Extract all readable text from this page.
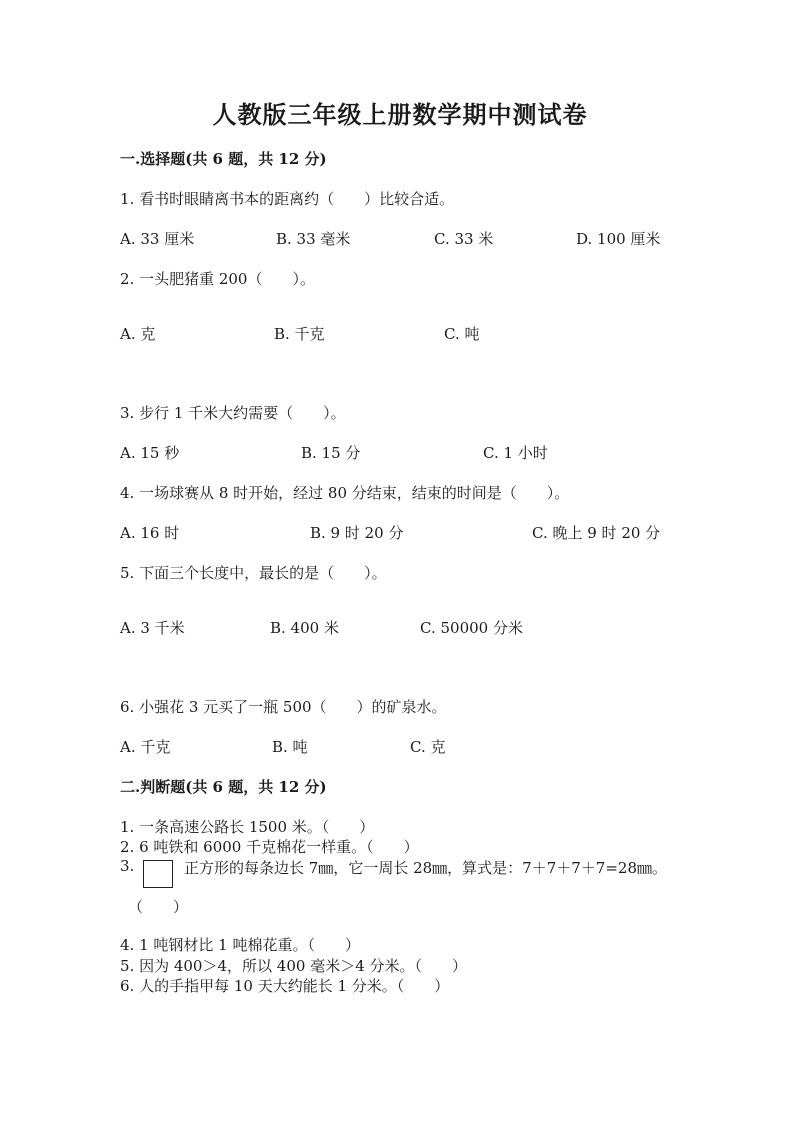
人教版三年级上册数学期中测试卷
一.选择题(共 6 题，共 12 分)
1. 看书时眼睛离书本的距离约（　　）比较合适。
A. 33 厘米	B. 33 毫米	C. 33 米	D. 100 厘米
2. 一头肥猪重 200（　　）。
A. 克	B. 千克	C. 吨
3. 步行 1 千米大约需要（　　）。
A. 15 秒	B. 15 分	C. 1 小时
4. 一场球赛从 8 时开始，经过 80 分结束，结束的时间是（　　）。
A. 16 时	B. 9 时 20 分	C. 晚上 9 时 20 分
5. 下面三个长度中，最长的是（　　）。
A. 3 千米	B. 400 米	C. 50000 分米
6. 小强花 3 元买了一瓶 500（　　）的矿泉水。
A. 千克	B. 吨	C. 克
二.判断题(共 6 题，共 12 分)
1. 一条高速公路长 1500 米。（　　）
2. 6 吨铁和 6000 千克棉花一样重。（　　）
3.	正方形的每条边长 7㎜，它一周长 28㎜，算式是：7＋7＋7＋7=28㎜。
（　　）
4. 1 吨钢材比 1 吨棉花重。（　　）
5. 因为 400＞4，所以 400 毫米＞4 分米。（　　）
6. 人的手指甲每 10 天大约能长 1 分米。（　　）
